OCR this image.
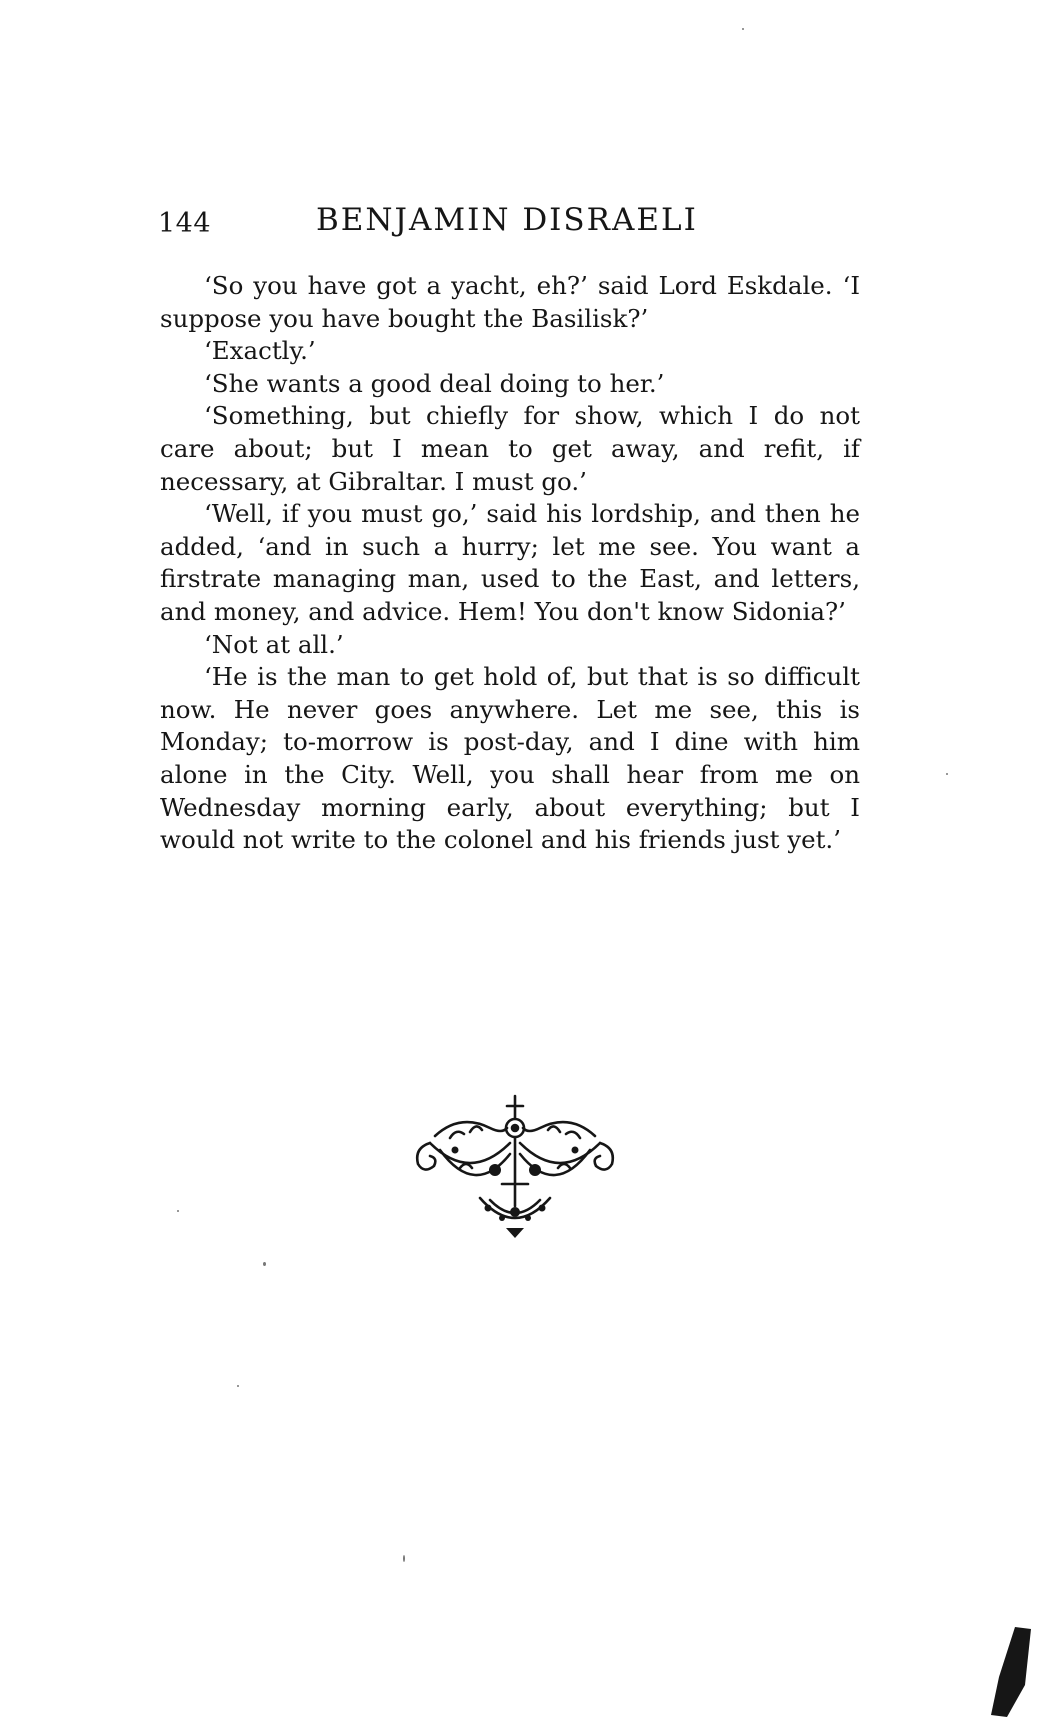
144	BENJAMIN DISRAELI

‘So you have got a yacht, eh?’ said Lord Eskdale. ‘I suppose you have bought the Basilisk?’

‘Exactly.’

‘She wants a good deal doing to her.’

‘Something, but chiefly for show, which I do not care about; but I mean to get away, and refit, if necessary, at Gibraltar. I must go.’

‘Well, if you must go,’ said his lordship, and then he added, ‘and in such a hurry; let me see. You want a firstrate managing man, used to the East, and letters, and money, and advice. Hem! You don't know Sidonia?’

‘Not at all.’

‘He is the man to get hold of, but that is so difficult now. He never goes anywhere. Let me see, this is Monday; to-morrow is post-day, and I dine with him alone in the City. Well, you shall hear from me on Wednesday morning early, about everything; but I would not write to the colonel and his friends just yet.’
